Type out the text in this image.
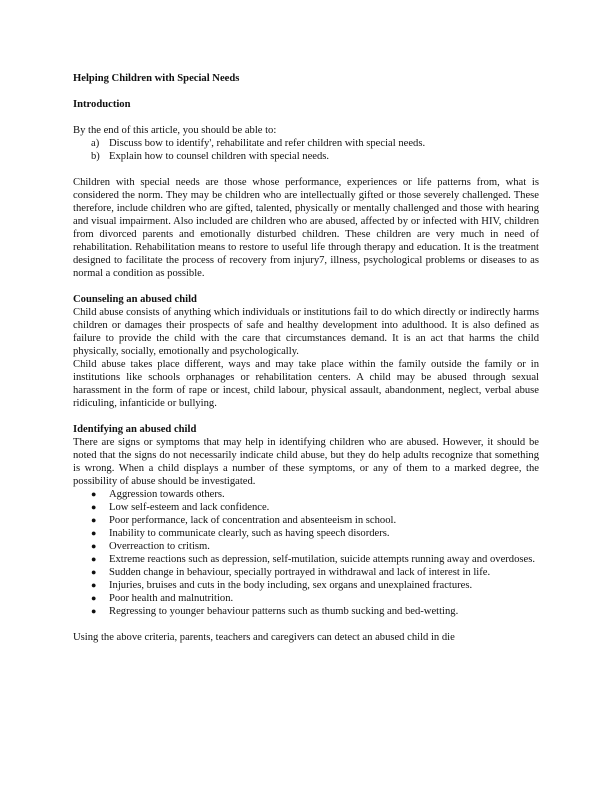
Helping Children with Special Needs
Introduction

By the end of this article, you should be able to:

a) Discuss bow to identify', rehabilitate and refer children with special needs.
b) Explain how to counsel children with special needs.

Children with special needs are those whose performance, experiences or life patterns from, what is considered the norm. They may be children who are intellectually gifted or those severely challenged. These therefore, include children who are gifted, talented, physically or mentally challenged and those with hearing and visual impairment. Also included are children who are abused, affected by or infected with HIV, children from divorced parents and emotionally disturbed children. These children are very much in need of rehabilitation. Rehabilitation means to restore to useful life through therapy and education. It is the treatment designed to facilitate the process of recovery from injury7, illness, psychological problems or diseases to as normal a condition as possible.

Counseling an abused child

Child abuse consists of anything which individuals or institutions fail to do which directly or indirectly harms children or damages their prospects of safe and healthy development into adulthood. It is also defined as failure to provide the child with the care that circumstances demand. It is an act that harms the child physically, socially, emotionally and psychologically.

Child abuse takes place different, ways and may take place within the family outside the family or in institutions like schools orphanages or rehabilitation centers. A child may be abused through sexual harassment in the form of rape or incest, child labour, physical assault, abandonment, neglect, verbal abuse ridiculing, infanticide or bullying.

Identifying an abused child

There are signs or symptoms that may help in identifying children who are abused. However, it should be noted that the signs do not necessarily indicate child abuse, but they do help adults recognize that something is wrong. When a child displays a number of these symptoms, or any of them to a marked degree, the possibility of abuse should be investigated.

● Aggression towards others.
● Low self-esteem and lack confidence.
● Poor performance, lack of concentration and absenteeism in school.
● Inability to communicate clearly, such as having speech disorders.
● Overreaction to critism.
● Extreme reactions such as depression, self-mutilation, suicide attempts running away and overdoses.
● Sudden change in behaviour, specially portrayed in withdrawal and lack of interest in life.
● Injuries, bruises and cuts in the body including, sex organs and unexplained fractures.
● Poor health and malnutrition.
● Regressing to younger behaviour patterns such as thumb sucking and bed-wetting.

Using the above criteria, parents, teachers and caregivers can detect an abused child in die
